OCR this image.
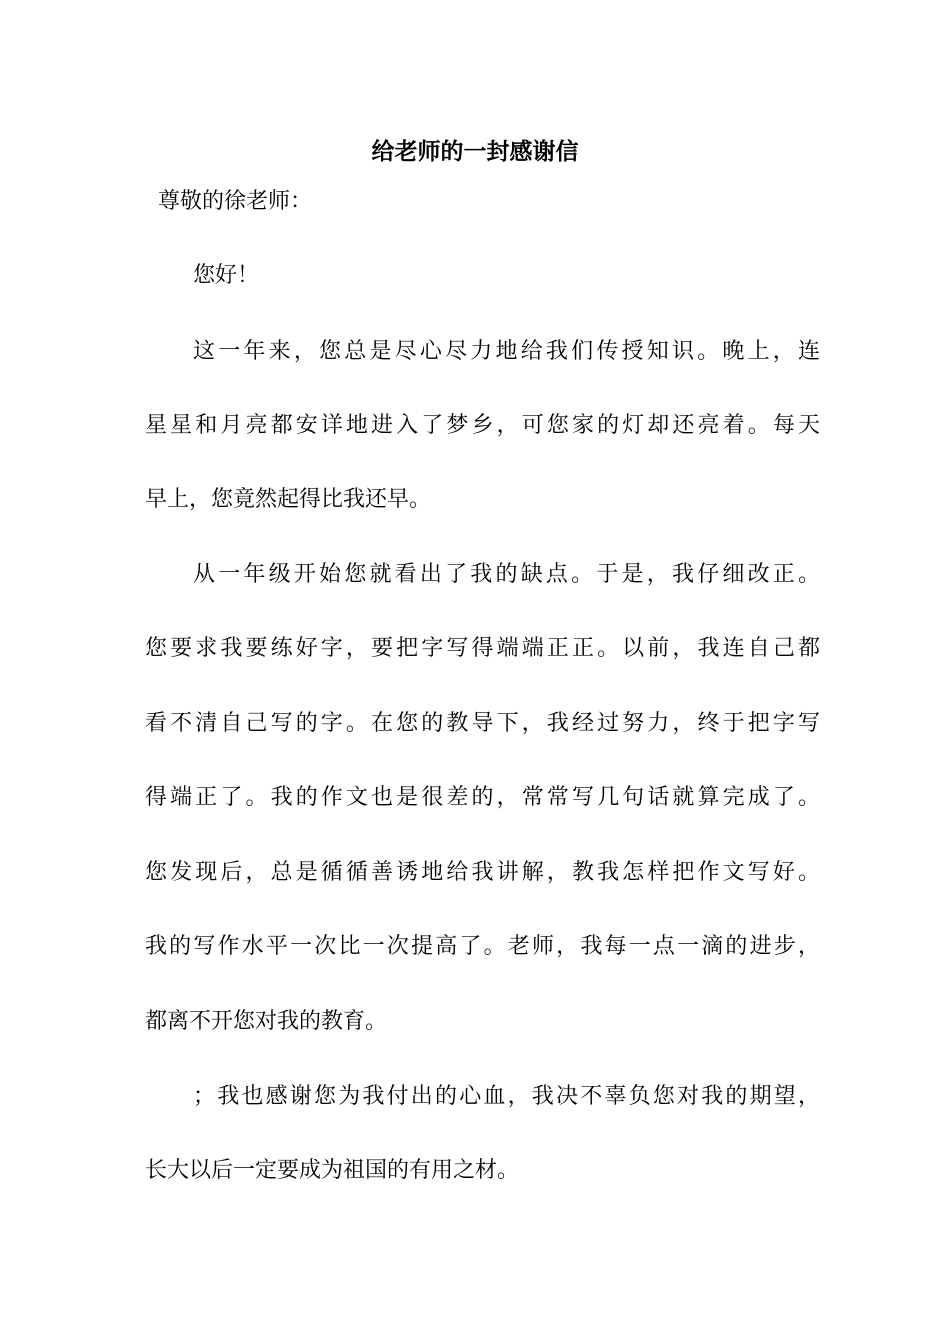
给老师的一封感谢信
尊敬的徐老师：
您好！
这一年来，您总是尽心尽力地给我们传授知识。晚上，连
星星和月亮都安详地进入了梦乡，可您家的灯却还亮着。每天
早上，您竟然起得比我还早。
从一年级开始您就看出了我的缺点。于是，我仔细改正。
您要求我要练好字，要把字写得端端正正。以前，我连自己都
看不清自己写的字。在您的教导下，我经过努力，终于把字写
得端正了。我的作文也是很差的，常常写几句话就算完成了。
您发现后，总是循循善诱地给我讲解，教我怎样把作文写好。
我的写作水平一次比一次提高了。老师，我每一点一滴的进步，
都离不开您对我的教育。
；我也感谢您为我付出的心血，我决不辜负您对我的期望，
长大以后一定要成为祖国的有用之材。
